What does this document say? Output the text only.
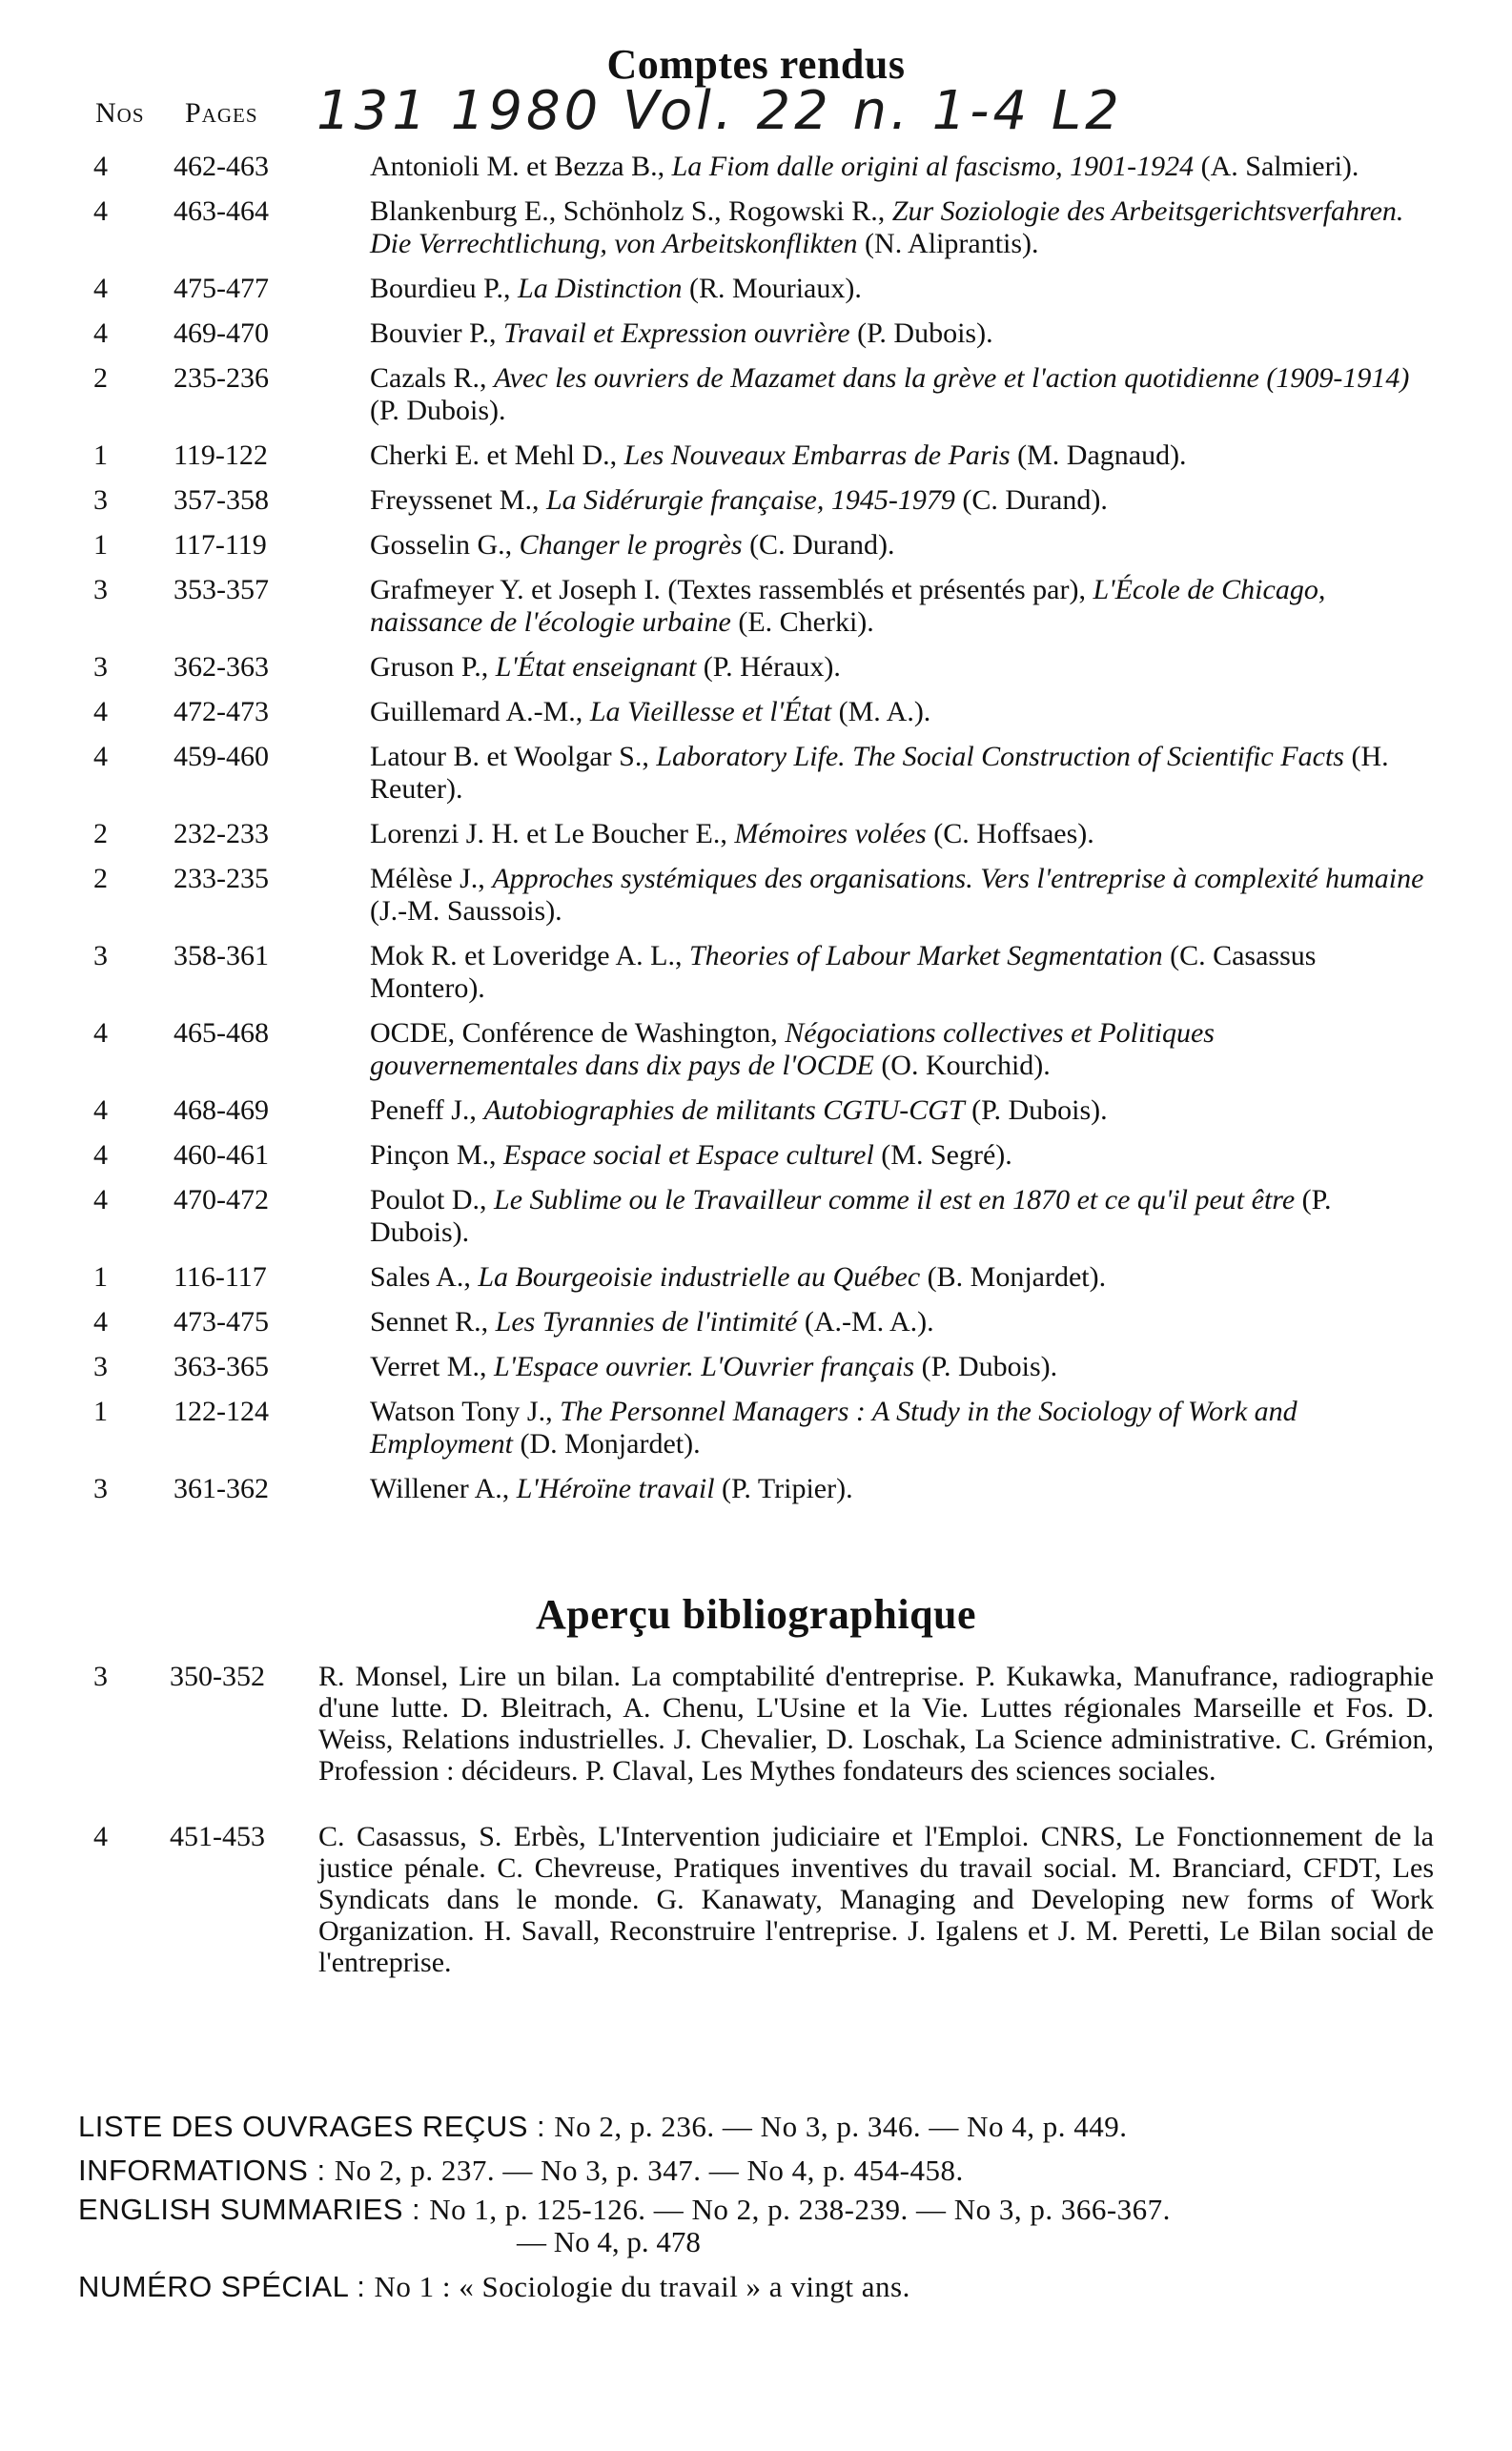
Comptes rendus
Nos Pages 131 1980 Vol. 22 n. 1-4 L2
4	462-463	Antonioli M. et Bezza B., La Fiom dalle origini al fascismo, 1901-1924 (A. Salmieri).
4	463-464	Blankenburg E., Schönholz S., Rogowski R., Zur Soziologie des Arbeitsgerichtsverfahren. Die Verrechtlichung, von Arbeitskonflikten (N. Aliprantis).
4	475-477	Bourdieu P., La Distinction (R. Mouriaux).
4	469-470	Bouvier P., Travail et Expression ouvrière (P. Dubois).
2	235-236	Cazals R., Avec les ouvriers de Mazamet dans la grève et l'action quotidienne (1909-1914) (P. Dubois).
1	119-122	Cherki E. et Mehl D., Les Nouveaux Embarras de Paris (M. Dagnaud).
3	357-358	Freyssenet M., La Sidérurgie française, 1945-1979 (C. Durand).
1	117-119	Gosselin G., Changer le progrès (C. Durand).
3	353-357	Grafmeyer Y. et Joseph I. (Textes rassemblés et présentés par), L'École de Chicago, naissance de l'écologie urbaine (E. Cherki).
3	362-363	Gruson P., L'État enseignant (P. Héraux).
4	472-473	Guillemard A.-M., La Vieillesse et l'État (M. A.).
4	459-460	Latour B. et Woolgar S., Laboratory Life. The Social Construction of Scientific Facts (H. Reuter).
2	232-233	Lorenzi J. H. et Le Boucher E., Mémoires volées (C. Hoffsaes).
2	233-235	Mélèse J., Approches systémiques des organisations. Vers l'entreprise à complexité humaine (J.-M. Saussois).
3	358-361	Mok R. et Loveridge A. L., Theories of Labour Market Segmentation (C. Casassus Montero).
4	465-468	OCDE, Conférence de Washington, Négociations collectives et Politiques gouvernementales dans dix pays de l'OCDE (O. Kourchid).
4	468-469	Peneff J., Autobiographies de militants CGTU-CGT (P. Dubois).
4	460-461	Pinçon M., Espace social et Espace culturel (M. Segré).
4	470-472	Poulot D., Le Sublime ou le Travailleur comme il est en 1870 et ce qu'il peut être (P. Dubois).
1	116-117	Sales A., La Bourgeoisie industrielle au Québec (B. Monjardet).
4	473-475	Sennet R., Les Tyrannies de l'intimité (A.-M. A.).
3	363-365	Verret M., L'Espace ouvrier. L'Ouvrier français (P. Dubois).
1	122-124	Watson Tony J., The Personnel Managers : A Study in the Sociology of Work and Employment (D. Monjardet).
3	361-362	Willener A., L'Héroïne travail (P. Tripier).
Aperçu bibliographique
3	350-352	R. Monsel, Lire un bilan. La comptabilité d'entreprise. P. Kukawka, Manufrance, radiographie d'une lutte. D. Bleitrach, A. Chenu, L'Usine et la Vie. Luttes régionales Marseille et Fos. D. Weiss, Relations industrielles. J. Chevalier, D. Loschak, La Science administrative. C. Grémion, Profession : décideurs. P. Claval, Les Mythes fondateurs des sciences sociales.
4	451-453	C. Casassus, S. Erbès, L'Intervention judiciaire et l'Emploi. CNRS, Le Fonctionnement de la justice pénale. C. Chevreuse, Pratiques inventives du travail social. M. Branciard, CFDT, Les Syndicats dans le monde. G. Kanawaty, Managing and Developing new forms of Work Organization. H. Savall, Reconstruire l'entreprise. J. Igalens et J. M. Peretti, Le Bilan social de l'entreprise.
LISTE DES OUVRAGES REÇUS : No 2, p. 236. — No 3, p. 346. — No 4, p. 449.
INFORMATIONS : No 2, p. 237. — No 3, p. 347. — No 4, p. 454-458.
ENGLISH SUMMARIES : No 1, p. 125-126. — No 2, p. 238-239. — No 3, p. 366-367.
— No 4, p. 478
NUMÉRO SPÉCIAL : No 1 : « Sociologie du travail » a vingt ans.
